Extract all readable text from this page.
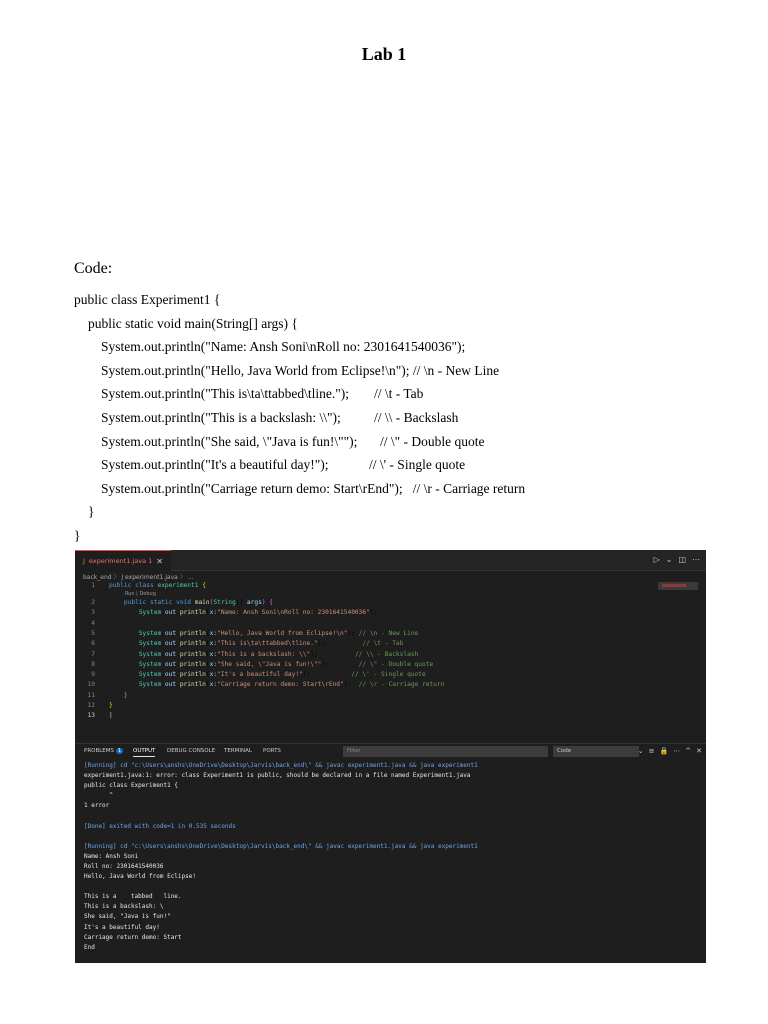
Lab 1
Code:
public class Experiment1 {
public static void main(String[] args) {
System.out.println("Name: Ansh Soni\nRoll no: 2301641540036");
System.out.println("Hello, Java World from Eclipse!\n"); // \n - New Line
System.out.println("This is\ta\ttabbed\tline."); // \t - Tab
System.out.println("This is a backslash: \\"); // \\ - Backslash
System.out.println("She said, \"Java is fun!\""); // \" - Double quote
System.out.println("It's a beautiful day!");	// \' - Single quote
System.out.println("Carriage return demo: Start\rEnd");   // \r - Carriage return
}
}
J experiment1.java 1 ✕	▷ ⌄ ◫ ⋯
back_end 〉 J experiment1.java 〉 ...
1 public class experiment1 {
Run | Debug
2	public static void main(String[] args) {
3	System.out.println(x:"Name: Ansh Soni\nRoll no: 2301641540036");
4
5	System.out.println(x:"Hello, Java World from Eclipse!\n"); // \n - New Line
6	System.out.println(x:"This is\ta\ttabbed\tline.");          // \t - Tab
7	System.out.println(x:"This is a backslash: \\");          // \\ - Backslash
8	System.out.println(x:"She said, \"Java is fun!\"");        // \" - Double quote
9	System.out.println(x:"It's a beautiful day!");           // \' - Single quote
10	System.out.println(x:"Carriage return demo: Start\rEnd");  // \r - Carriage return
11	}
12 }
13 |
PROBLEMS 1	OUTPUT DEBUG CONSOLE TERMINAL PORTS	Filter	Code	⌄ ≡ 🔒 ⋯ ^ ✕
[Running] cd "c:\Users\anshs\OneDrive\Desktop\Jarvis\back_end\" && javac experiment1.java && java experiment1
experiment1.java:1: error: class Experiment1 is public, should be declared in a file named Experiment1.java
public class Experiment1 {
^
1 error
[Done] exited with code=1 in 0.535 seconds
[Running] cd "c:\Users\anshs\OneDrive\Desktop\Jarvis\back_end\" && javac experiment1.java && java experiment1
Name: Ansh Soni
Roll no: 2301641540036
Hello, Java World from Eclipse!
This is a    tabbed   line.
This is a backslash: \
She said, "Java is fun!"
It's a beautiful day!
Carriage return demo: Start
End
